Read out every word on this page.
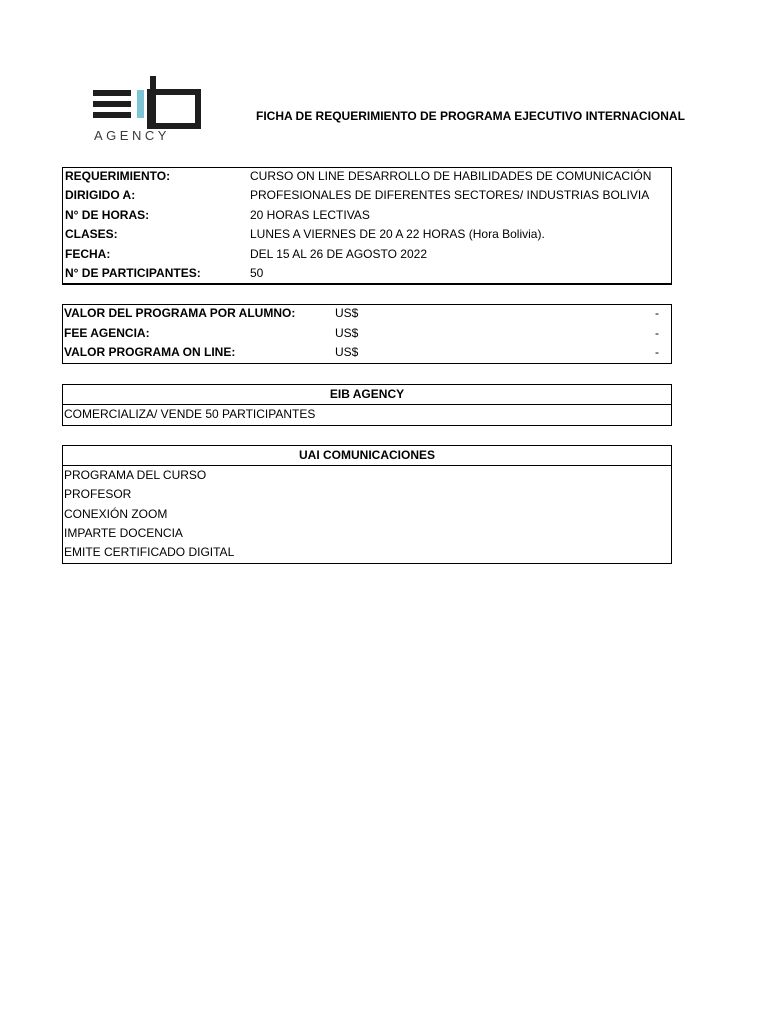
AGENCY
FICHA DE REQUERIMIENTO DE PROGRAMA EJECUTIVO INTERNACIONAL
REQUERIMIENTO:	CURSO ON LINE DESARROLLO DE HABILIDADES DE COMUNICACIÓN
DIRIGIDO A:	PROFESIONALES DE DIFERENTES SECTORES/ INDUSTRIAS BOLIVIA
N° DE HORAS:	20 HORAS LECTIVAS
CLASES:	LUNES A VIERNES DE 20 A 22 HORAS (Hora Bolivia).
FECHA:	DEL 15 AL 26 DE AGOSTO 2022
N° DE PARTICIPANTES:	50
VALOR DEL PROGRAMA POR ALUMNO:	US$	-
FEE AGENCIA:	US$	-
VALOR PROGRAMA ON LINE:	US$	-
EIB AGENCY
COMERCIALIZA/ VENDE 50 PARTICIPANTES
UAI COMUNICACIONES
PROGRAMA DEL CURSO
PROFESOR
CONEXIÓN ZOOM
IMPARTE DOCENCIA
EMITE CERTIFICADO DIGITAL
